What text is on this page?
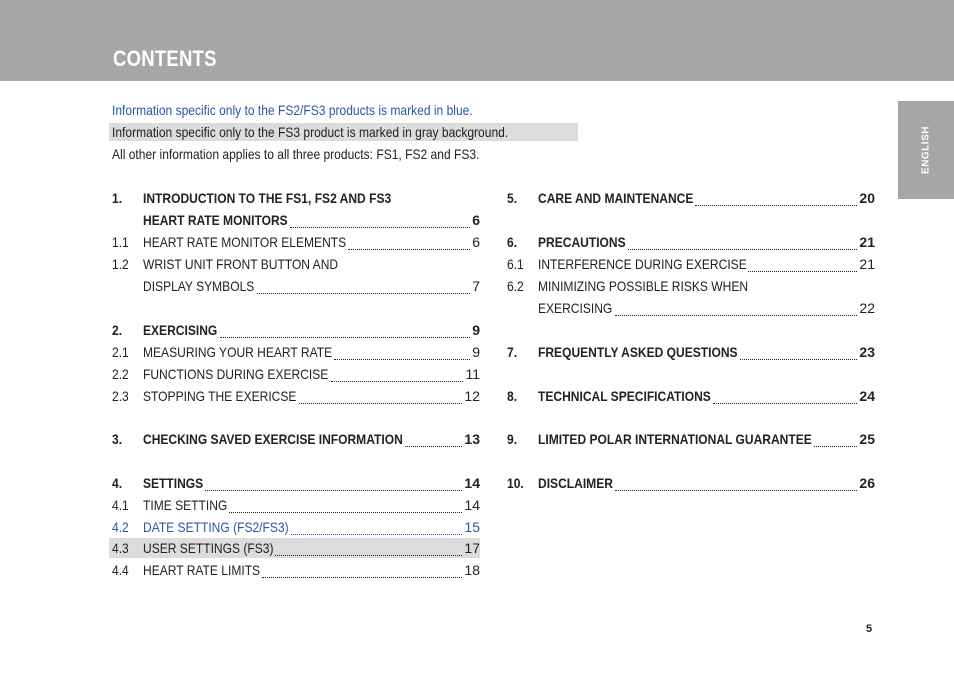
CONTENTS
ENGLISH
Information specific only to the FS2/FS3 products is marked in blue.
Information specific only to the FS3 product is marked in gray background.
All other information applies to all three products: FS1, FS2 and FS3.
1.	INTRODUCTION TO THE FS1, FS2 AND FS3
HEART RATE MONITORS	6
1.1	HEART RATE MONITOR ELEMENTS	6
1.2	WRIST UNIT FRONT BUTTON AND
DISPLAY SYMBOLS	7
2.	EXERCISING	9
2.1	MEASURING YOUR HEART RATE	9
2.2	FUNCTIONS DURING EXERCISE	11
2.3	STOPPING THE EXERICSE	12
3.	CHECKING SAVED EXERCISE INFORMATION	13
4.	SETTINGS	14
4.1	TIME SETTING	14
4.2	DATE SETTING (FS2/FS3)	15
4.3	USER SETTINGS (FS3)	17
4.4	HEART RATE LIMITS	18
5.	CARE AND MAINTENANCE	20
6.	PRECAUTIONS	21
6.1	INTERFERENCE DURING EXERCISE	21
6.2	MINIMIZING POSSIBLE RISKS WHEN
EXERCISING	22
7.	FREQUENTLY ASKED QUESTIONS	23
8.	TECHNICAL SPECIFICATIONS	24
9.	LIMITED POLAR INTERNATIONAL GUARANTEE	25
10.	DISCLAIMER	26
5
